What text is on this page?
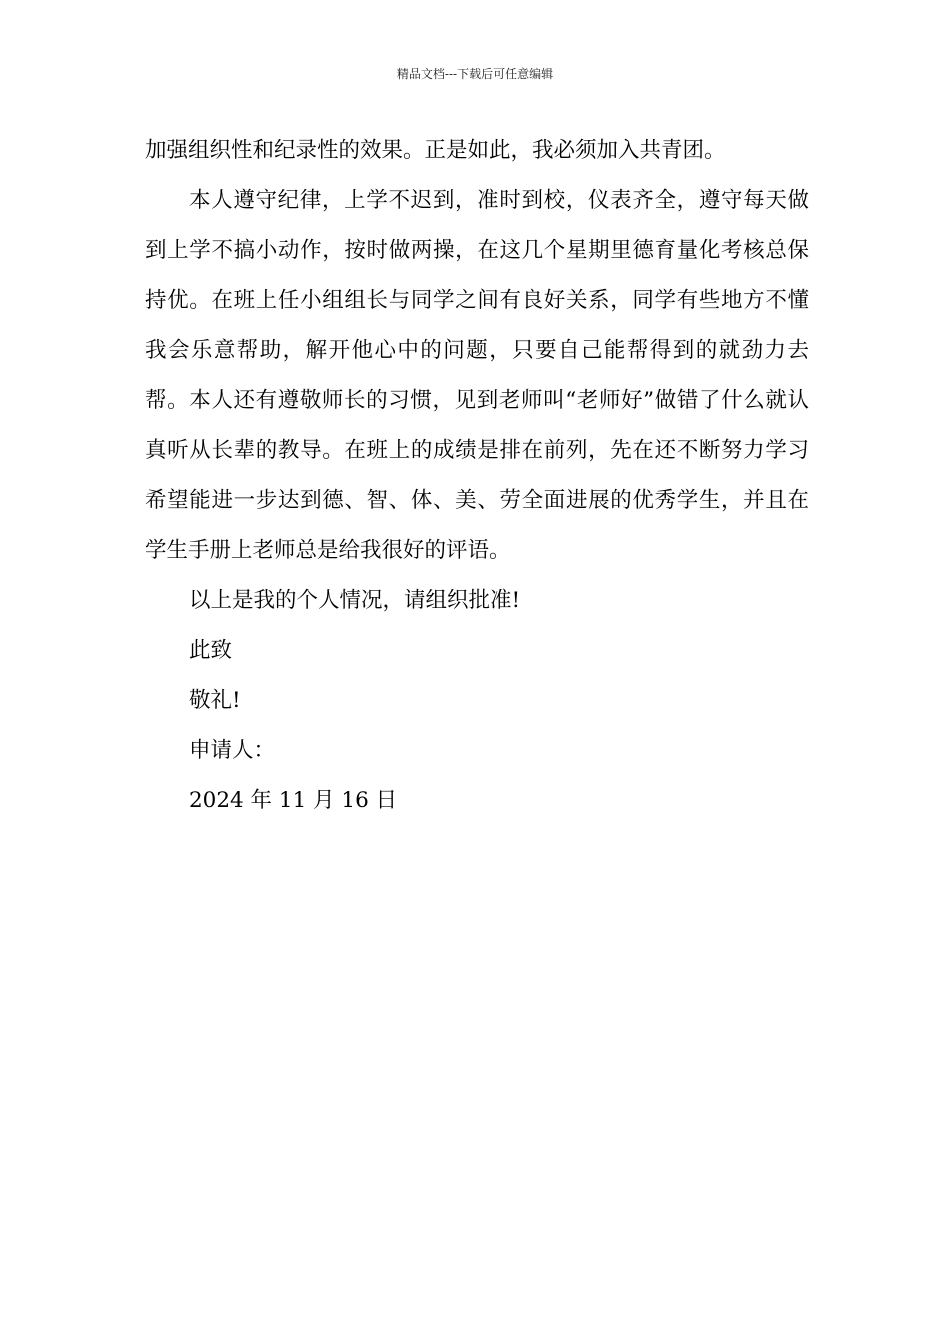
精品文档---下载后可任意编辑

加强组织性和纪录性的效果。正是如此，我必须加入共青团。

本人遵守纪律，上学不迟到，准时到校，仪表齐全，遵守每天做到上学不搞小动作，按时做两操，在这几个星期里德育量化考核总保持优。在班上任小组组长与同学之间有良好关系，同学有些地方不懂我会乐意帮助，解开他心中的问题，只要自己能帮得到的就劲力去帮。本人还有遵敬师长的习惯，见到老师叫“老师好”做错了什么就认真听从长辈的教导。在班上的成绩是排在前列，先在还不断努力学习希望能进一步达到德、智、体、美、劳全面进展的优秀学生，并且在学生手册上老师总是给我很好的评语。

以上是我的个人情况，请组织批准!

此致

敬礼!

申请人：

2024 年 11 月 16 日
